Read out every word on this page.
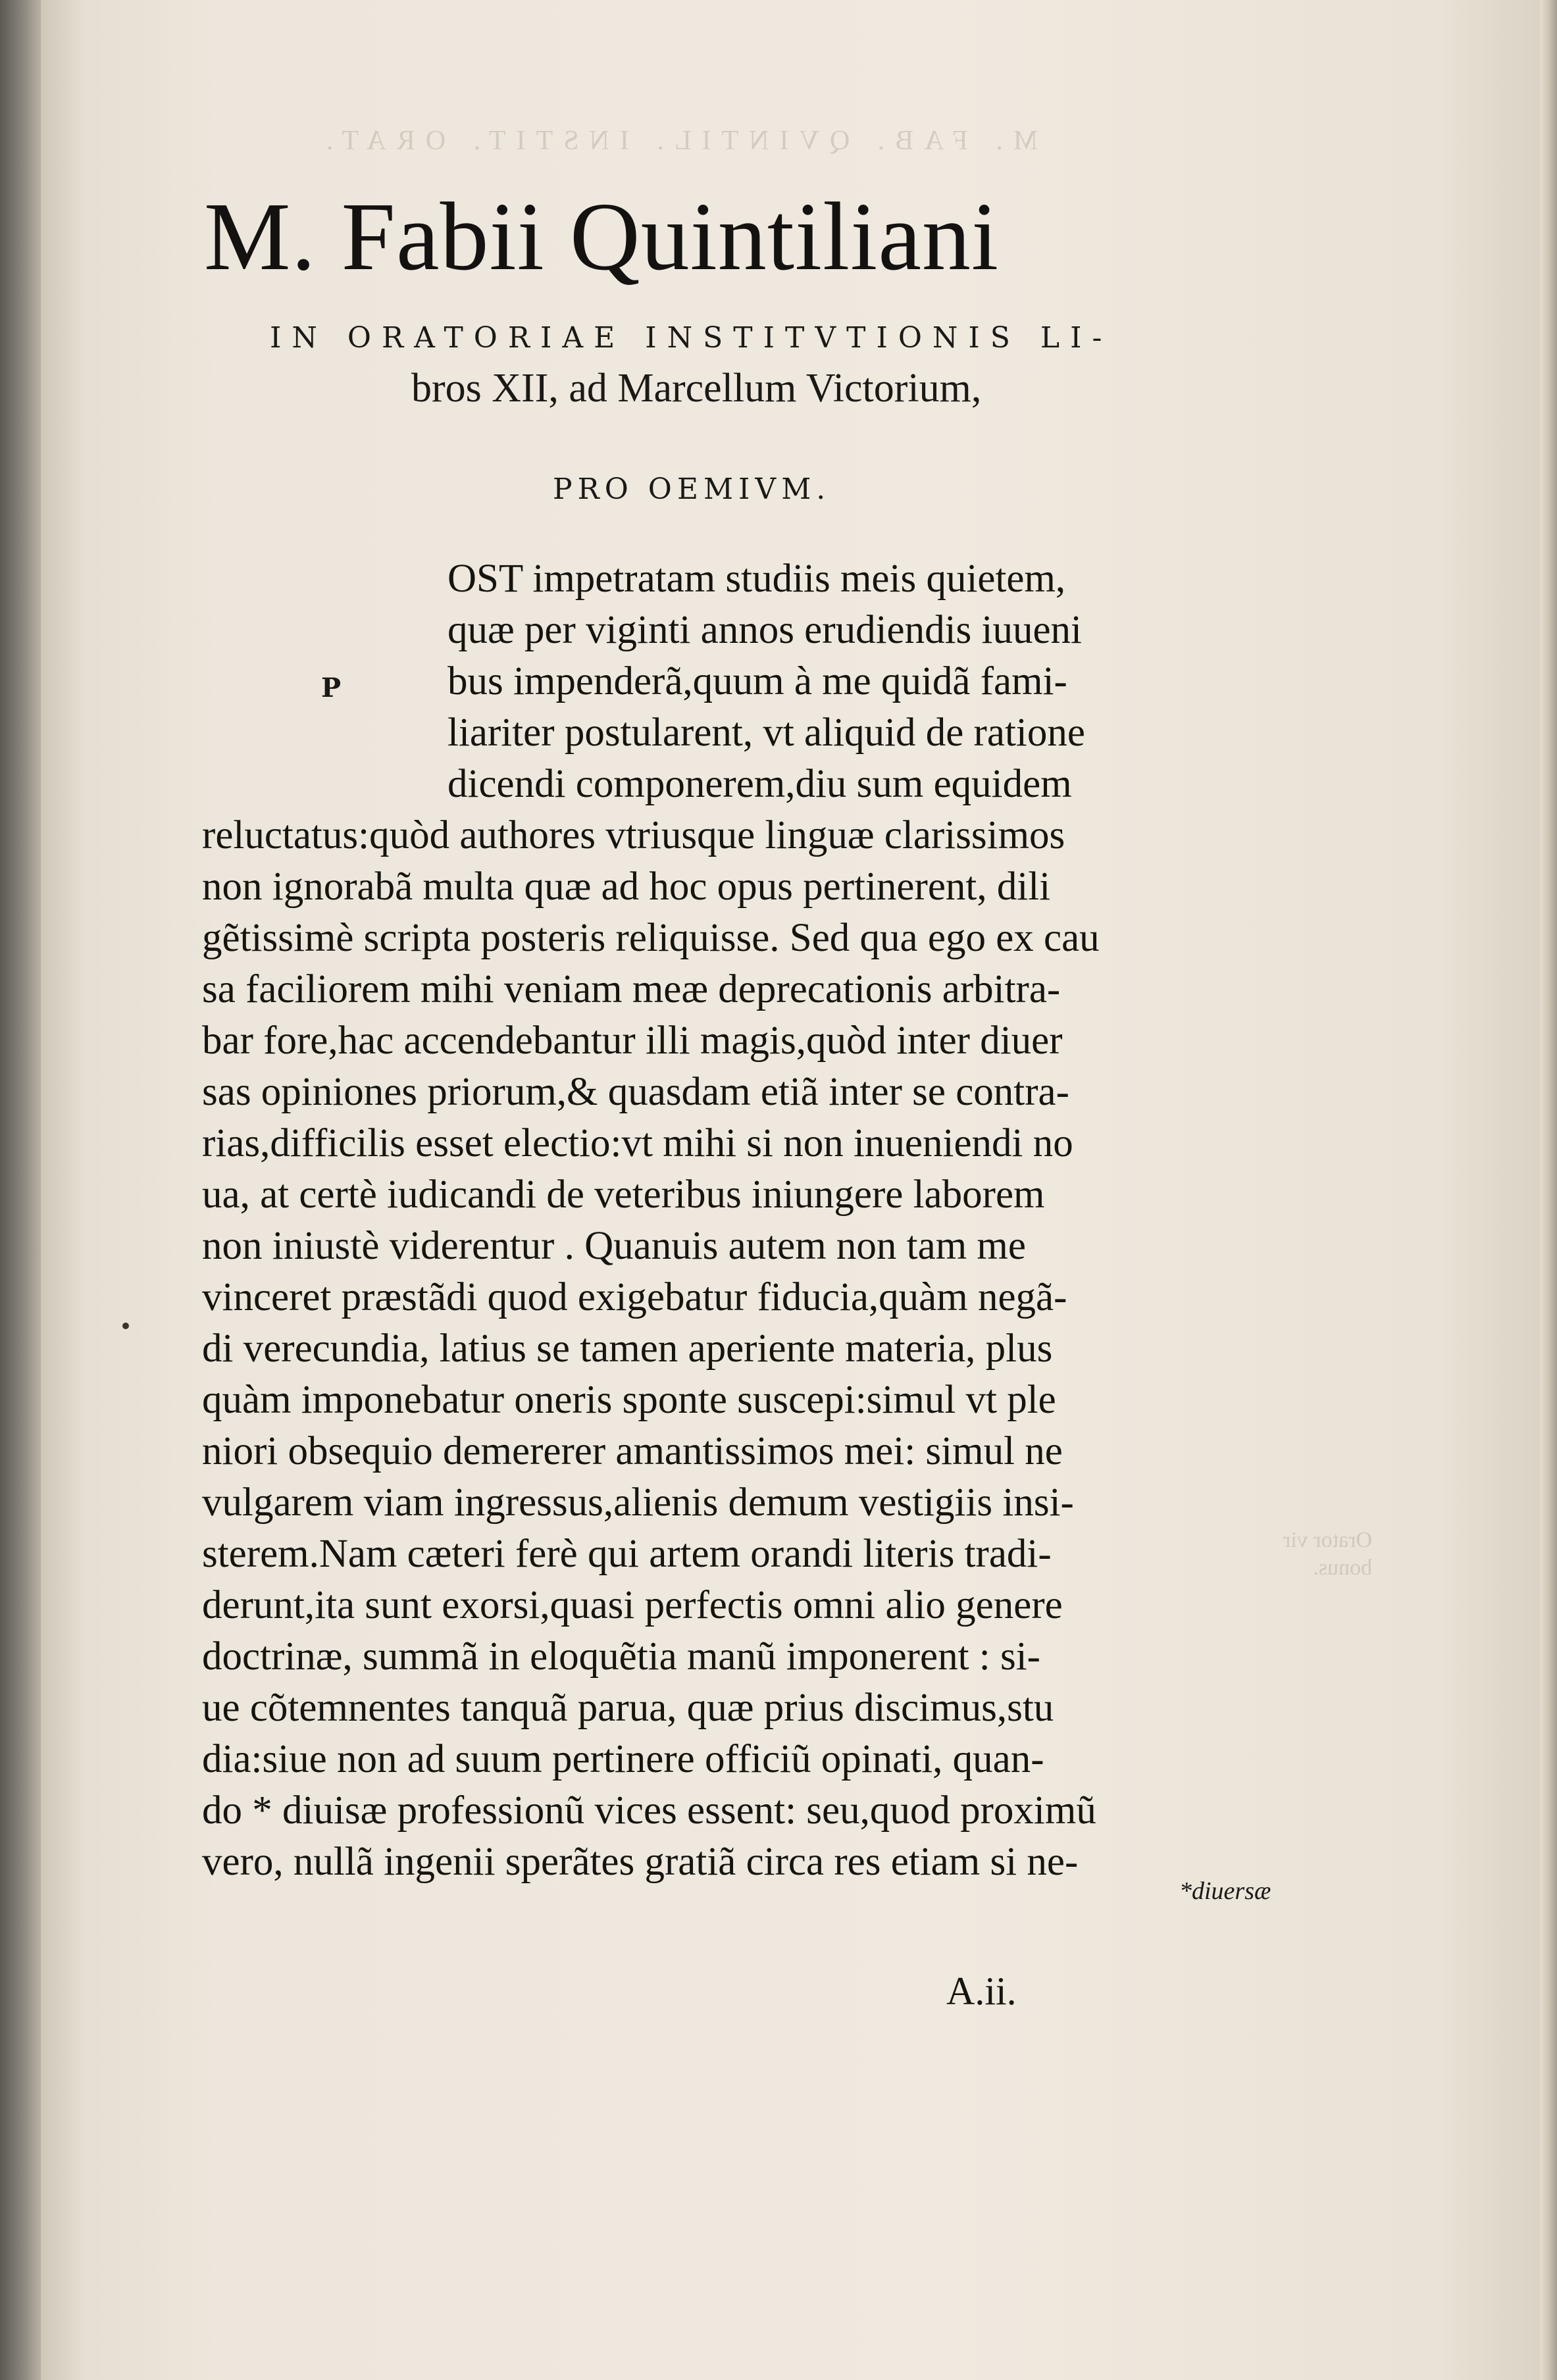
M. FAB. QVINTIL. INSTIT. ORAT.
Orator vir
bonus.
M. Fabii Quintiliani
IN ORATORIAE INSTITVTIONIS LI-
bros XII, ad Marcellum Victorium,
PRO OEMIVM.
P
OST impetratam studiis meis quietem,
quæ per viginti annos erudiendis iuueni
bus impenderã,quum à me quidã fami-
liariter postularent, vt aliquid de ratione
dicendi componerem,diu sum equidem
reluctatus:quòd authores vtriusque linguæ clarissimos
non ignorabã multa quæ ad hoc opus pertinerent, dili
gẽtissimè scripta posteris reliquisse. Sed qua ego ex cau
sa faciliorem mihi veniam meæ deprecationis arbitra-
bar fore,hac accendebantur illi magis,quòd inter diuer
sas opiniones priorum,& quasdam etiã inter se contra-
rias,difficilis esset electio:vt mihi si non inueniendi no
ua, at certè iudicandi de veteribus iniungere laborem
non iniustè viderentur . Quanuis autem non tam me
vinceret præstãdi quod exigebatur fiducia,quàm negã-
di verecundia, latius se tamen aperiente materia, plus
quàm imponebatur oneris sponte suscepi:simul vt ple
niori obsequio demererer amantissimos mei: simul ne
vulgarem viam ingressus,alienis demum vestigiis insi-
sterem.Nam cæteri ferè qui artem orandi literis tradi-
derunt,ita sunt exorsi,quasi perfectis omni alio genere
doctrinæ, summã in eloquẽtia manũ imponerent : si-
ue cõtemnentes tanquã parua, quæ prius discimus,stu
dia:siue non ad suum pertinere officiũ opinati, quan-
do * diuisæ professionũ vices essent: seu,quod proximũ
vero, nullã ingenii sperãtes gratiã circa res etiam si ne-
*diuersæ
A.ii.
